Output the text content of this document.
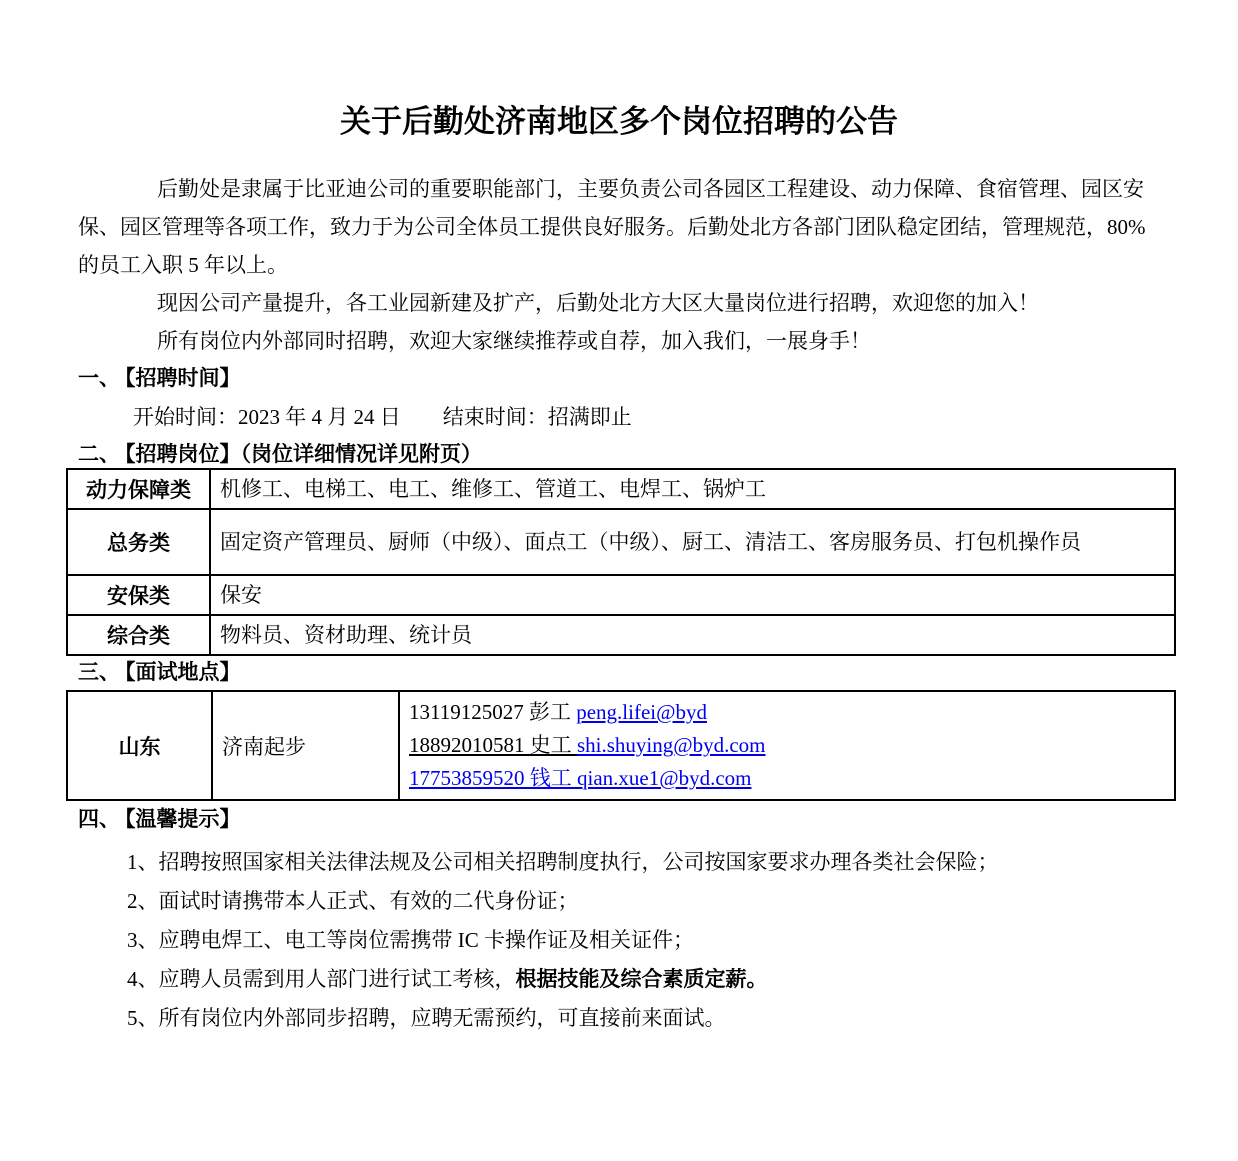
关于后勤处济南地区多个岗位招聘的公告

后勤处是隶属于比亚迪公司的重要职能部门，主要负责公司各园区工程建设、动力保障、食宿管理、园区安保、园区管理等各项工作，致力于为公司全体员工提供良好服务。后勤处北方各部门团队稳定团结，管理规范，80%的员工入职 5 年以上。

现因公司产量提升，各工业园新建及扩产，后勤处北方大区大量岗位进行招聘，欢迎您的加入！

所有岗位内外部同时招聘，欢迎大家继续推荐或自荐，加入我们，一展身手！

一、 【招聘时间】
开始时间：2023 年 4 月 24 日 结束时间：招满即止
二、 【招聘岗位】（岗位详细情况详见附页）
动力保障类	机修工、电梯工、电工、维修工、管道工、电焊工、锅炉工
总务类	固定资产管理员、厨师（中级）、面点工（中级）、厨工、清洁工、客房服务员、打包机操作员
安保类	保安
综合类	物料员、资材助理、统计员
三、 【面试地点】
山东	济南起步	
13119125027 彭工 peng.lifei@byd
18892010581 史工 shi.shuying@byd.com
17753859520 钱工 qian.xue1@byd.com
四、 【温馨提示】
1、招聘按照国家相关法律法规及公司相关招聘制度执行，公司按国家要求办理各类社会保险；
2、面试时请携带本人正式、有效的二代身份证；
3、应聘电焊工、电工等岗位需携带 IC 卡操作证及相关证件；
4、应聘人员需到用人部门进行试工考核，根据技能及综合素质定薪。
5、所有岗位内外部同步招聘，应聘无需预约，可直接前来面试。
